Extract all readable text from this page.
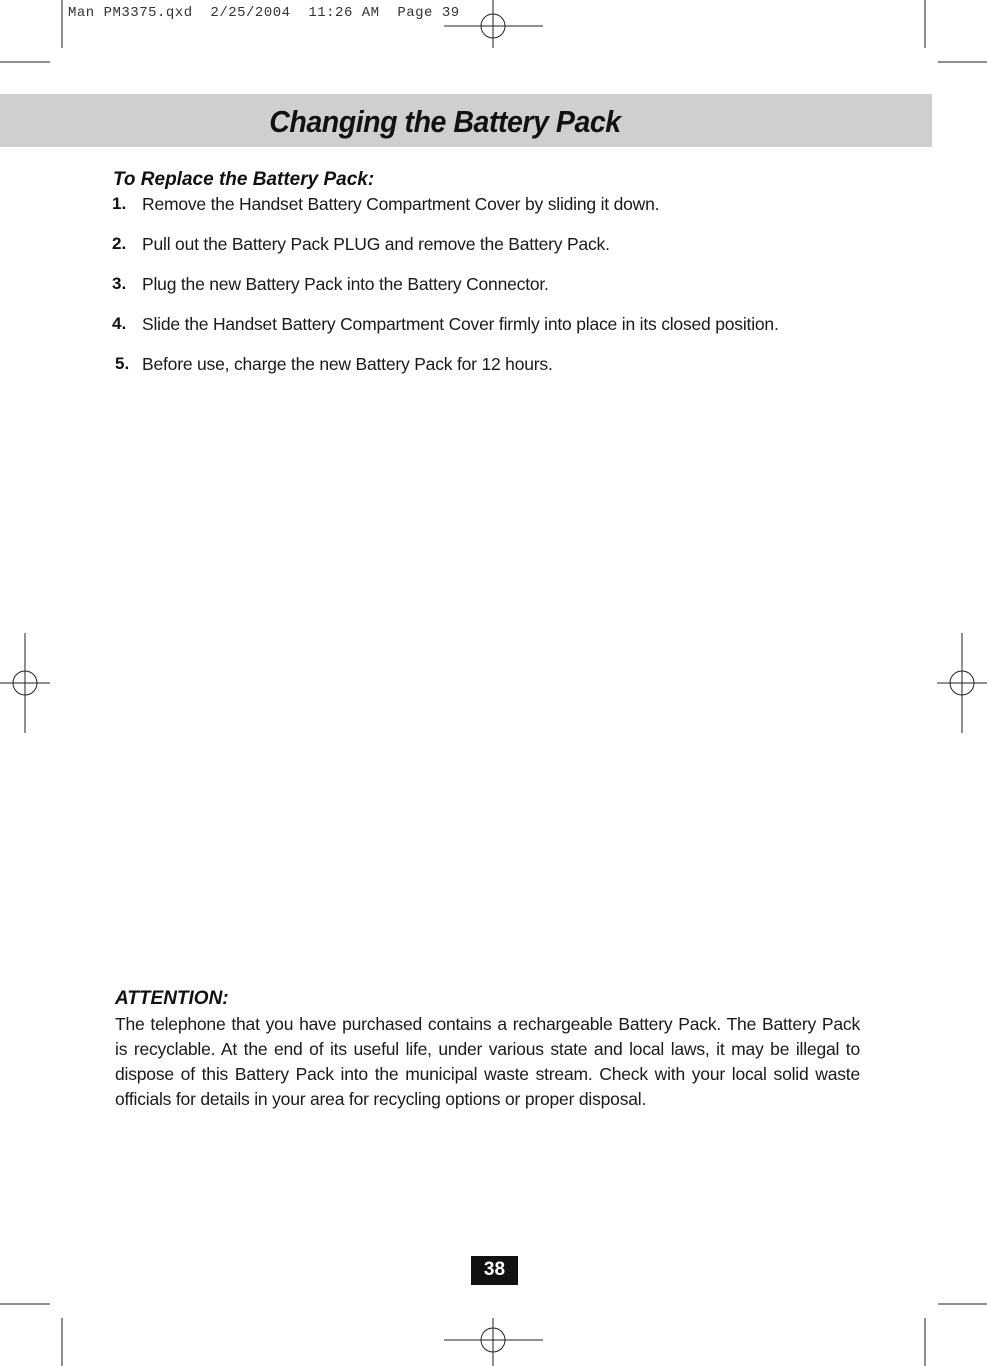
Man PM3375.qxd  2/25/2004  11:26 AM  Page 39
Changing the Battery Pack
To Replace the Battery Pack:
1. Remove the Handset Battery Compartment Cover by sliding it down.
2. Pull out the Battery Pack PLUG and remove the Battery Pack.
3. Plug the new Battery Pack into the Battery Connector.
4. Slide the Handset Battery Compartment Cover firmly into place in its closed position.
5. Before use, charge the new Battery Pack for 12 hours.
ATTENTION:
The telephone that you have purchased contains a rechargeable Battery Pack. The Battery Pack is recyclable. At the end of its useful life, under various state and local laws, it may be illegal to dispose of this Battery Pack into the municipal waste stream. Check with your local solid waste officials for details in your area for recycling options or proper disposal.
38
